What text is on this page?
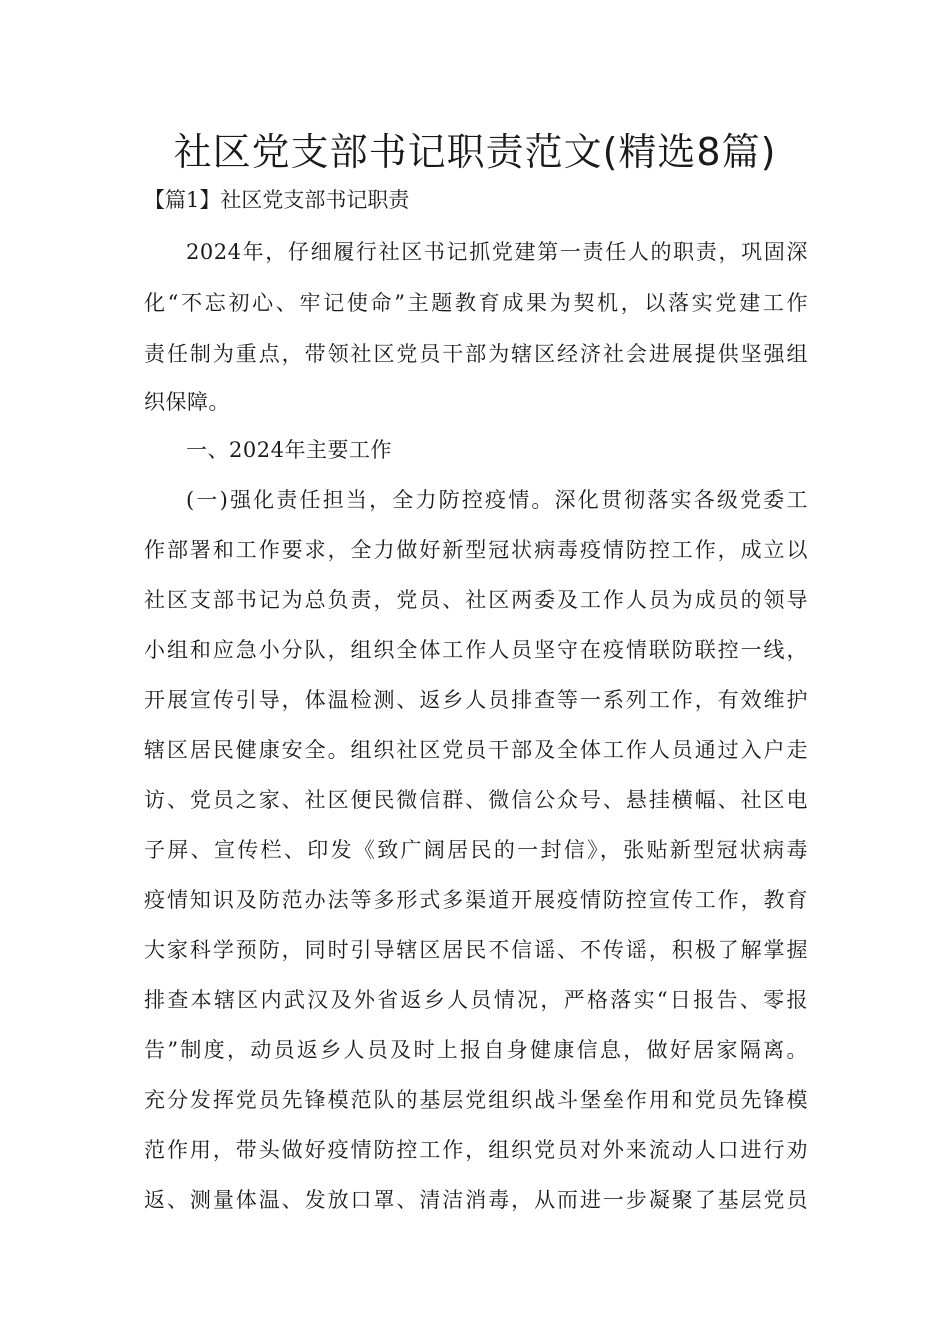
社区党支部书记职责范文(精选8篇)
【篇1】社区党支部书记职责
2024年，仔细履行社区书记抓党建第一责任人的职责，巩固深
化“不忘初心、牢记使命”主题教育成果为契机，以落实党建工作
责任制为重点，带领社区党员干部为辖区经济社会进展提供坚强组
织保障。
一、2024年主要工作
(一)强化责任担当，全力防控疫情。深化贯彻落实各级党委工
作部署和工作要求，全力做好新型冠状病毒疫情防控工作，成立以
社区支部书记为总负责，党员、社区两委及工作人员为成员的领导
小组和应急小分队，组织全体工作人员坚守在疫情联防联控一线，
开展宣传引导，体温检测、返乡人员排查等一系列工作，有效维护
辖区居民健康安全。组织社区党员干部及全体工作人员通过入户走
访、党员之家、社区便民微信群、微信公众号、悬挂横幅、社区电
子屏、宣传栏、印发《致广阔居民的一封信》，张贴新型冠状病毒
疫情知识及防范办法等多形式多渠道开展疫情防控宣传工作，教育
大家科学预防，同时引导辖区居民不信谣、不传谣，积极了解掌握
排查本辖区内武汉及外省返乡人员情况，严格落实“日报告、零报
告”制度，动员返乡人员及时上报自身健康信息，做好居家隔离。
充分发挥党员先锋模范队的基层党组织战斗堡垒作用和党员先锋模
范作用，带头做好疫情防控工作，组织党员对外来流动人口进行劝
返、测量体温、发放口罩、清洁消毒，从而进一步凝聚了基层党员
